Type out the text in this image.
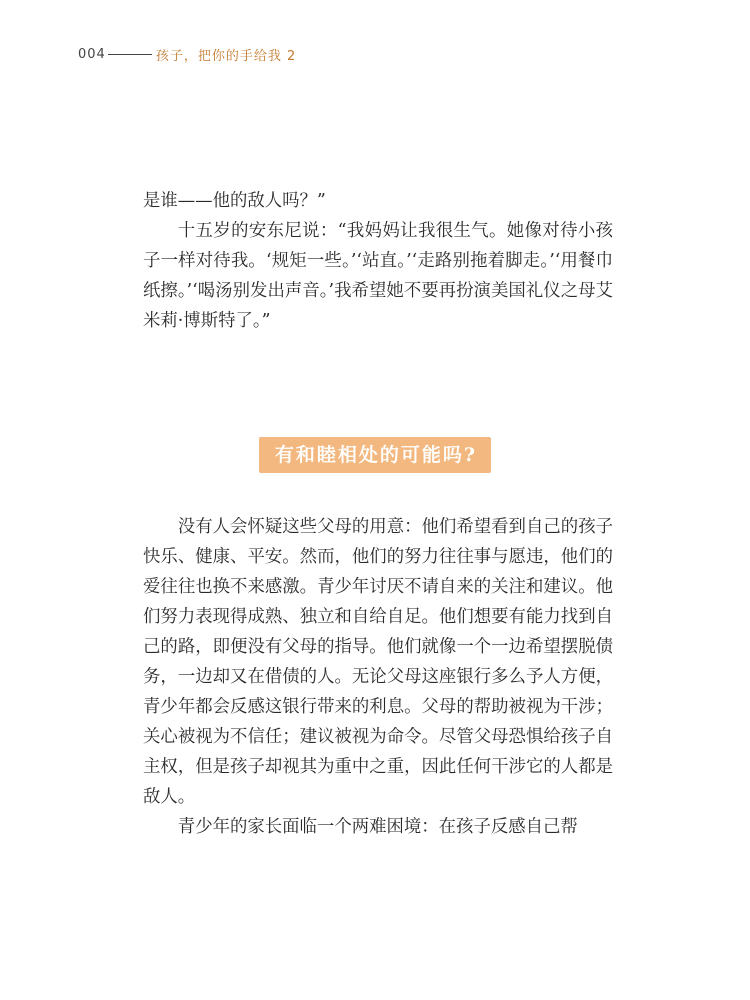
004	孩子，把你的手给我 2

是谁——他的敌人吗？”

十五岁的安东尼说：“我妈妈让我很生气。她像对待小孩子一样对待我。‘规矩一些。’‘站直。’‘走路别拖着脚走。’‘用餐巾纸擦。’‘喝汤别发出声音。’我希望她不要再扮演美国礼仪之母艾米莉·博斯特了。”

有和睦相处的可能吗?

没有人会怀疑这些父母的用意：他们希望看到自己的孩子快乐、健康、平安。然而，他们的努力往往事与愿违，他们的爱往往也换不来感激。青少年讨厌不请自来的关注和建议。他们努力表现得成熟、独立和自给自足。他们想要有能力找到自己的路，即便没有父母的指导。他们就像一个一边希望摆脱债务，一边却又在借债的人。无论父母这座银行多么予人方便，青少年都会反感这银行带来的利息。父母的帮助被视为干涉；关心被视为不信任；建议被视为命令。尽管父母恐惧给孩子自主权，但是孩子却视其为重中之重，因此任何干涉它的人都是敌人。

青少年的家长面临一个两难困境：在孩子反感自己帮
